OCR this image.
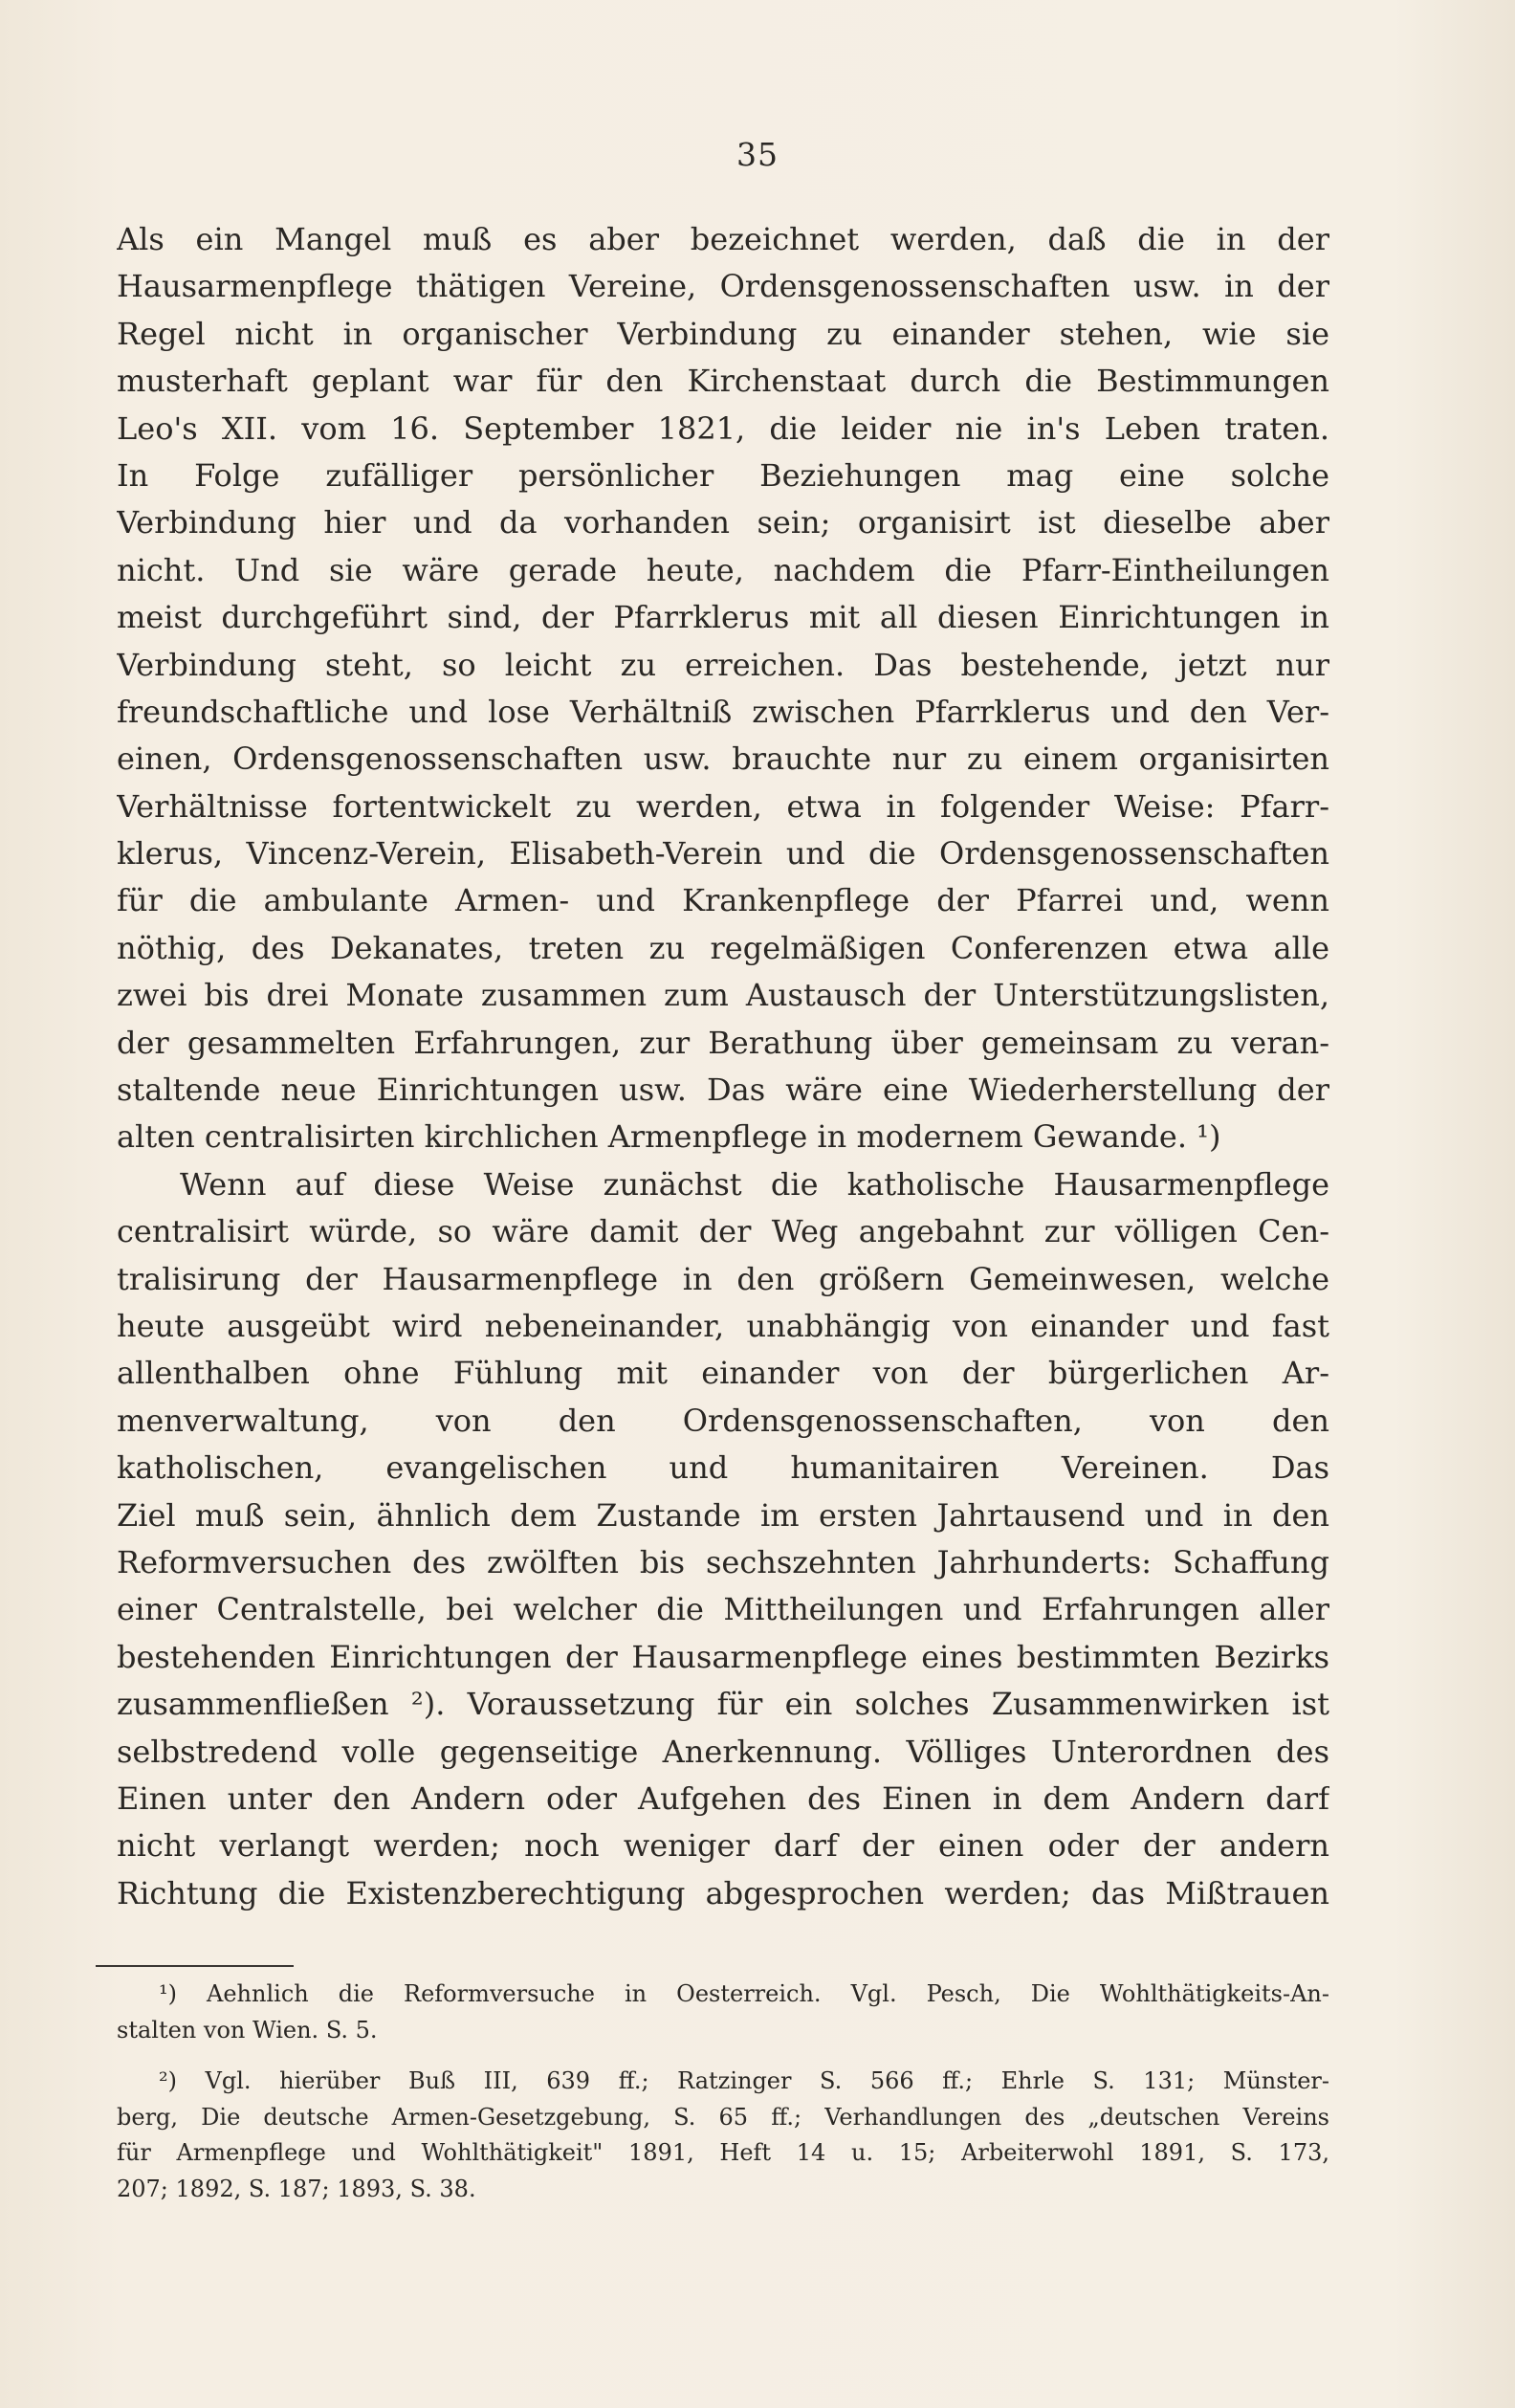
35
Als ein Mangel muß es aber bezeichnet werden, daß die in der
Hausarmenpflege thätigen Vereine, Ordensgenossenschaften usw. in der
Regel nicht in organischer Verbindung zu einander stehen, wie sie
musterhaft geplant war für den Kirchenstaat durch die Bestimmungen
Leo's XII. vom 16. September 1821, die leider nie in's Leben traten.
In Folge zufälliger persönlicher Beziehungen mag eine solche
Verbindung hier und da vorhanden sein; organisirt ist dieselbe aber
nicht. Und sie wäre gerade heute, nachdem die Pfarr-Eintheilungen
meist durchgeführt sind, der Pfarrklerus mit all diesen Einrichtungen in
Verbindung steht, so leicht zu erreichen. Das bestehende, jetzt nur
freundschaftliche und lose Verhältniß zwischen Pfarrklerus und den Ver-
einen, Ordensgenossenschaften usw. brauchte nur zu einem organisirten
Verhältnisse fortentwickelt zu werden, etwa in folgender Weise: Pfarr-
klerus, Vincenz-Verein, Elisabeth-Verein und die Ordensgenossenschaften
für die ambulante Armen- und Krankenpflege der Pfarrei und, wenn
nöthig, des Dekanates, treten zu regelmäßigen Conferenzen etwa alle
zwei bis drei Monate zusammen zum Austausch der Unterstützungslisten,
der gesammelten Erfahrungen, zur Berathung über gemeinsam zu veran-
staltende neue Einrichtungen usw. Das wäre eine Wiederherstellung der
alten centralisirten kirchlichen Armenpflege in modernem Gewande. ¹)
Wenn auf diese Weise zunächst die katholische Hausarmenpflege
centralisirt würde, so wäre damit der Weg angebahnt zur völligen Cen-
tralisirung der Hausarmenpflege in den größern Gemeinwesen, welche
heute ausgeübt wird nebeneinander, unabhängig von einander und fast
allenthalben ohne Fühlung mit einander von der bürgerlichen Ar-
menverwaltung, von den Ordensgenossenschaften, von den
katholischen, evangelischen und humanitairen Vereinen. Das
Ziel muß sein, ähnlich dem Zustande im ersten Jahrtausend und in den
Reformversuchen des zwölften bis sechszehnten Jahrhunderts: Schaffung
einer Centralstelle, bei welcher die Mittheilungen und Erfahrungen aller
bestehenden Einrichtungen der Hausarmenpflege eines bestimmten Bezirks
zusammenfließen ²). Voraussetzung für ein solches Zusammenwirken ist
selbstredend volle gegenseitige Anerkennung. Völliges Unterordnen des
Einen unter den Andern oder Aufgehen des Einen in dem Andern darf
nicht verlangt werden; noch weniger darf der einen oder der andern
Richtung die Existenzberechtigung abgesprochen werden; das Mißtrauen
¹) Aehnlich die Reformversuche in Oesterreich. Vgl. Pesch, Die Wohlthätigkeits-An-
stalten von Wien. S. 5.
²) Vgl. hierüber Buß III, 639 ff.; Ratzinger S. 566 ff.; Ehrle S. 131; Münster-
berg, Die deutsche Armen-Gesetzgebung, S. 65 ff.; Verhandlungen des „deutschen Vereins
für Armenpflege und Wohlthätigkeit" 1891, Heft 14 u. 15; Arbeiterwohl 1891, S. 173,
207; 1892, S. 187; 1893, S. 38.
